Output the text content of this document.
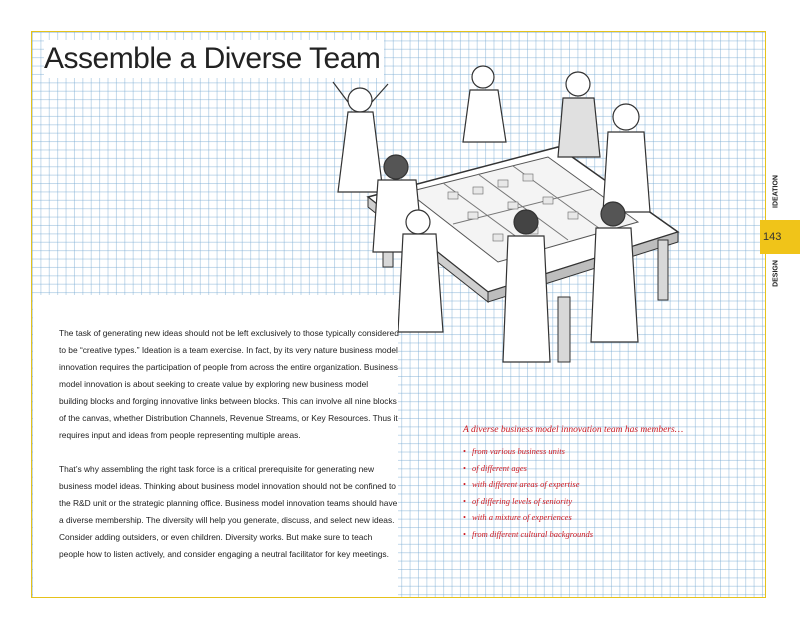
Assemble a Diverse Team

The task of generating new ideas should not be left exclusively to those typically considered to be “creative types.” Ideation is a team exercise. In fact, by its very nature business model innovation requires the participation of people from across the entire organization. Business model innovation is about seeking to create value by exploring new business model building blocks and forging innovative links between blocks. This can involve all nine blocks of the canvas, whether Distribution Channels, Revenue Streams, or Key Resources. Thus it requires input and ideas from people representing multiple areas.

That’s why assembling the right task force is a critical prerequisite for generating new business model ideas. Thinking about business model innovation should not be confined to the R&D unit or the strategic planning office. Business model innovation teams should have a diverse membership. The diversity will help you generate, discuss, and select new ideas. Consider adding outsiders, or even children. Diversity works. But make sure to teach people how to listen actively, and consider engaging a neutral facilitator for key meetings.

A diverse business model innovation team has members…

• from various business units
• of different ages
• with different areas of expertise
• of differing levels of seniority
• with a mixture of experiences
• from different cultural backgrounds
IDEATION
143
DESIGN
